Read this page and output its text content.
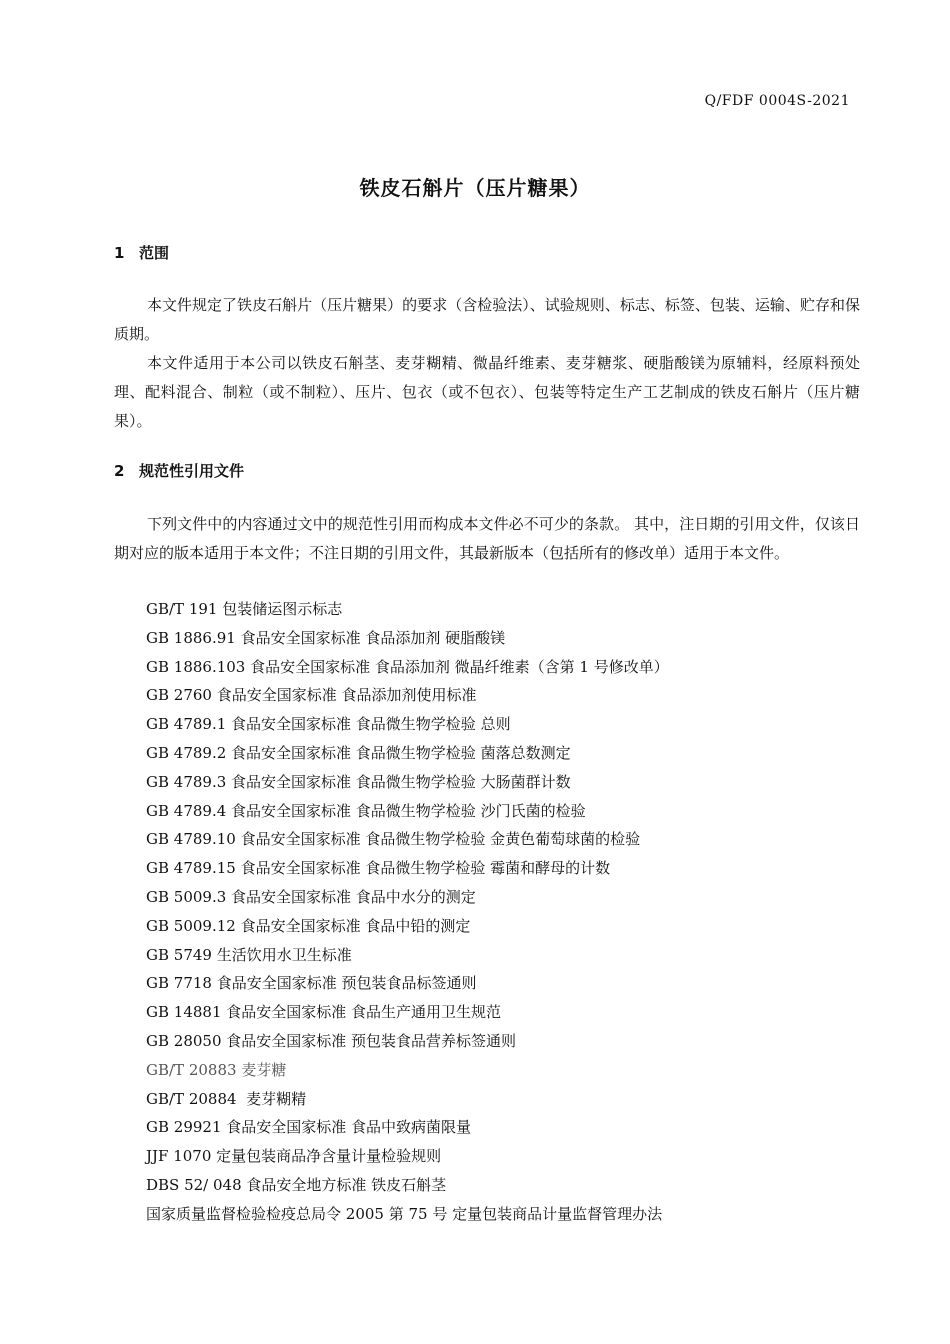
Q/FDF 0004S-2021
铁皮石斛片（压片糖果）
1 范围
本文件规定了铁皮石斛片（压片糖果）的要求（含检验法）、试验规则、标志、标签、包装、运输、贮存和保质期。
本文件适用于本公司以铁皮石斛茎、麦芽糊精、微晶纤维素、麦芽糖浆、硬脂酸镁为原辅料，经原料预处理、配料混合、制粒（或不制粒）、压片、包衣（或不包衣）、包装等特定生产工艺制成的铁皮石斛片（压片糖果）。
2 规范性引用文件
下列文件中的内容通过文中的规范性引用而构成本文件必不可少的条款。 其中，注日期的引用文件，仅该日期对应的版本适用于本文件；不注日期的引用文件，其最新版本（包括所有的修改单）适用于本文件。
GB/T 191 包装储运图示标志
GB 1886.91 食品安全国家标准 食品添加剂 硬脂酸镁
GB 1886.103 食品安全国家标准 食品添加剂 微晶纤维素（含第 1 号修改单）
GB 2760 食品安全国家标准 食品添加剂使用标准
GB 4789.1 食品安全国家标准 食品微生物学检验 总则
GB 4789.2 食品安全国家标准 食品微生物学检验 菌落总数测定
GB 4789.3 食品安全国家标准 食品微生物学检验 大肠菌群计数
GB 4789.4 食品安全国家标准 食品微生物学检验 沙门氏菌的检验
GB 4789.10 食品安全国家标准 食品微生物学检验 金黄色葡萄球菌的检验
GB 4789.15 食品安全国家标准 食品微生物学检验 霉菌和酵母的计数
GB 5009.3 食品安全国家标准 食品中水分的测定
GB 5009.12 食品安全国家标准 食品中铅的测定
GB 5749 生活饮用水卫生标准
GB 7718 食品安全国家标准 预包装食品标签通则
GB 14881 食品安全国家标准 食品生产通用卫生规范
GB 28050 食品安全国家标准 预包装食品营养标签通则
GB/T 20883 麦芽糖
GB/T 20884  麦芽糊精
GB 29921 食品安全国家标准 食品中致病菌限量
JJF 1070 定量包装商品净含量计量检验规则
DBS 52/ 048 食品安全地方标准 铁皮石斛茎
国家质量监督检验检疫总局令 2005 第 75 号 定量包装商品计量监督管理办法
